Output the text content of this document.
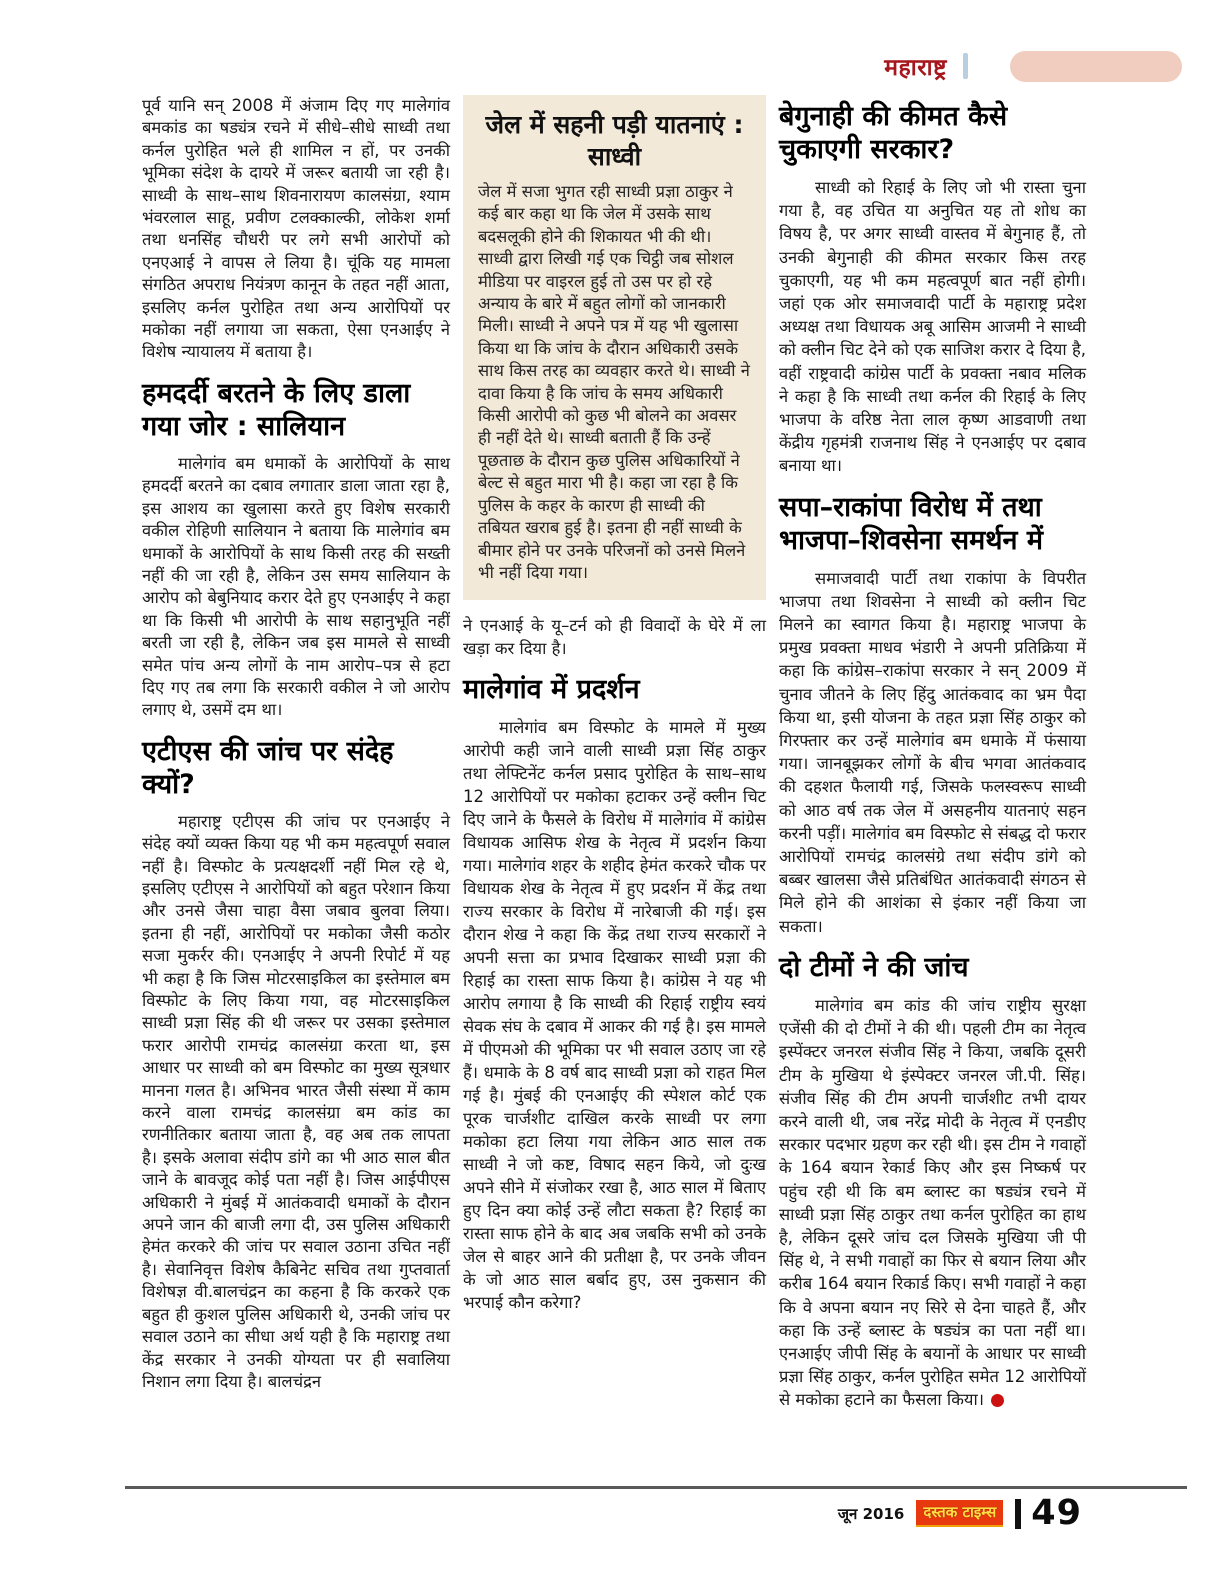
महाराष्ट्र

पूर्व यानि सन् 2008 में अंजाम दिए गए मालेगांव बमकांड का षड्यंत्र रचने में सीधे–सीधे साध्वी तथा कर्नल पुरोहित भले ही शामिल न हों, पर उनकी भूमिका संदेश के दायरे में जरूर बतायी जा रही है। साध्वी के साथ–साथ शिवनारायण कालसंग्रा, श्याम भंवरलाल साहू, प्रवीण टलक्काल्की, लोकेश शर्मा तथा धनसिंह चौधरी पर लगे सभी आरोपों को एनएआई ने वापस ले लिया है। चूंकि यह मामला संगठित अपराध नियंत्रण कानून के तहत नहीं आता, इसलिए कर्नल पुरोहित तथा अन्य आरोपियों पर मकोका नहीं लगाया जा सकता, ऐसा एनआईए ने विशेष न्यायालय में बताया है।

हमदर्दी बरतने के लिए डाला गया जोर : सालियान

मालेगांव बम धमाकों के आरोपियों के साथ हमदर्दी बरतने का दबाव लगातार डाला जाता रहा है, इस आशय का खुलासा करते हुए विशेष सरकारी वकील रोहिणी सालियान ने बताया कि मालेगांव बम धमाकों के आरोपियों के साथ किसी तरह की सख्ती नहीं की जा रही है, लेकिन उस समय सालियान के आरोप को बेबुनियाद करार देते हुए एनआईए ने कहा था कि किसी भी आरोपी के साथ सहानुभूति नहीं बरती जा रही है, लेकिन जब इस मामले से साध्वी समेत पांच अन्य लोगों के नाम आरोप–पत्र से हटा दिए गए तब लगा कि सरकारी वकील ने जो आरोप लगाए थे, उसमें दम था।

एटीएस की जांच पर संदेह क्यों?

महाराष्ट्र एटीएस की जांच पर एनआईए ने संदेह क्यों व्यक्त किया यह भी कम महत्वपूर्ण सवाल नहीं है। विस्फोट के प्रत्यक्षदर्शी नहीं मिल रहे थे, इसलिए एटीएस ने आरोपियों को बहुत परेशान किया और उनसे जैसा चाहा वैसा जबाव बुलवा लिया। इतना ही नहीं, आरोपियों पर मकोका जैसी कठोर सजा मुकर्रर की। एनआईए ने अपनी रिपोर्ट में यह भी कहा है कि जिस मोटरसाइकिल का इस्तेमाल बम विस्फोट के लिए किया गया, वह मोटरसाइकिल साध्वी प्रज्ञा सिंह की थी जरूर पर उसका इस्तेमाल फरार आरोपी रामचंद्र कालसंग्रा करता था, इस आधार पर साध्वी को बम विस्फोट का मुख्य सूत्रधार मानना गलत है। अभिनव भारत जैसी संस्था में काम करने वाला रामचंद्र कालसंग्रा बम कांड का रणनीतिकार बताया जाता है, वह अब तक लापता है। इसके अलावा संदीप डांगे का भी आठ साल बीत जाने के बावजूद कोई पता नहीं है। जिस आईपीएस अधिकारी ने मुंबई में आतंकवादी धमाकों के दौरान अपने जान की बाजी लगा दी, उस पुलिस अधिकारी हेमंत करकरे की जांच पर सवाल उठाना उचित नहीं है। सेवानिवृत्त विशेष कैबिनेट सचिव तथा गुप्तवार्ता विशेषज्ञ वी.बालचंद्रन का कहना है कि करकरे एक बहुत ही कुशल पुलिस अधिकारी थे, उनकी जांच पर सवाल उठाने का सीधा अर्थ यही है कि महाराष्ट्र तथा केंद्र सरकार ने उनकी योग्यता पर ही सवालिया निशान लगा दिया है। बालचंद्रन

जेल में सहनी पड़ी यातनाएं : साध्वी

जेल में सजा भुगत रही साध्वी प्रज्ञा ठाकुर ने कई बार कहा था कि जेल में उसके साथ बदसलूकी होने की शिकायत भी की थी। साध्वी द्वारा लिखी गई एक चिट्ठी जब सोशल मीडिया पर वाइरल हुई तो उस पर हो रहे अन्याय के बारे में बहुत लोगों को जानकारी मिली। साध्वी ने अपने पत्र में यह भी खुलासा किया था कि जांच के दौरान अधिकारी उसके साथ किस तरह का व्यवहार करते थे। साध्वी ने दावा किया है कि जांच के समय अधिकारी किसी आरोपी को कुछ भी बोलने का अवसर ही नहीं देते थे। साध्वी बताती हैं कि उन्हें पूछताछ के दौरान कुछ पुलिस अधिकारियों ने बेल्ट से बहुत मारा भी है। कहा जा रहा है कि पुलिस के कहर के कारण ही साध्वी की तबियत खराब हुई है। इतना ही नहीं साध्वी के बीमार होने पर उनके परिजनों को उनसे मिलने भी नहीं दिया गया।

ने एनआई के यू–टर्न को ही विवादों के घेरे में ला खड़ा कर दिया है।

मालेगांव में प्रदर्शन

मालेगांव बम विस्फोट के मामले में मुख्य आरोपी कही जाने वाली साध्वी प्रज्ञा सिंह ठाकुर तथा लेफ्टिनेंट कर्नल प्रसाद पुरोहित के साथ–साथ 12 आरोपियों पर मकोका हटाकर उन्हें क्लीन चिट दिए जाने के फैसले के विरोध में मालेगांव में कांग्रेस विधायक आसिफ शेख के नेतृत्व में प्रदर्शन किया गया। मालेगांव शहर के शहीद हेमंत करकरे चौक पर विधायक शेख के नेतृत्व में हुए प्रदर्शन में केंद्र तथा राज्य सरकार के विरोध में नारेबाजी की गई। इस दौरान शेख ने कहा कि केंद्र तथा राज्य सरकारों ने अपनी सत्ता का प्रभाव दिखाकर साध्वी प्रज्ञा की रिहाई का रास्ता साफ किया है। कांग्रेस ने यह भी आरोप लगाया है कि साध्वी की रिहाई राष्ट्रीय स्वयं सेवक संघ के दबाव में आकर की गई है। इस मामले में पीएमओ की भूमिका पर भी सवाल उठाए जा रहे हैं। धमाके के 8 वर्ष बाद साध्वी प्रज्ञा को राहत मिल गई है। मुंबई की एनआईए की स्पेशल कोर्ट एक पूरक चार्जशीट दाखिल करके साध्वी पर लगा मकोका हटा लिया गया लेकिन आठ साल तक साध्वी ने जो कष्ट, विषाद सहन किये, जो दुःख अपने सीने में संजोकर रखा है, आठ साल में बिताए हुए दिन क्या कोई उन्हें लौटा सकता है? रिहाई का रास्ता साफ होने के बाद अब जबकि सभी को उनके जेल से बाहर आने की प्रतीक्षा है, पर उनके जीवन के जो आठ साल बर्बाद हुए, उस नुकसान की भरपाई कौन करेगा?

बेगुनाही की कीमत कैसे चुकाएगी सरकार?

साध्वी को रिहाई के लिए जो भी रास्ता चुना गया है, वह उचित या अनुचित यह तो शोध का विषय है, पर अगर साध्वी वास्तव में बेगुनाह हैं, तो उनकी बेगुनाही की कीमत सरकार किस तरह चुकाएगी, यह भी कम महत्वपूर्ण बात नहीं होगी। जहां एक ओर समाजवादी पार्टी के महाराष्ट्र प्रदेश अध्यक्ष तथा विधायक अबू आसिम आजमी ने साध्वी को क्लीन चिट देने को एक साजिश करार दे दिया है, वहीं राष्ट्रवादी कांग्रेस पार्टी के प्रवक्ता नबाव मलिक ने कहा है कि साध्वी तथा कर्नल की रिहाई के लिए भाजपा के वरिष्ठ नेता लाल कृष्ण आडवाणी तथा केंद्रीय गृहमंत्री राजनाथ सिंह ने एनआईए पर दबाव बनाया था।

सपा–राकांपा विरोध में तथा भाजपा–शिवसेना समर्थन में

समाजवादी पार्टी तथा राकांपा के विपरीत भाजपा तथा शिवसेना ने साध्वी को क्लीन चिट मिलने का स्वागत किया है। महाराष्ट्र भाजपा के प्रमुख प्रवक्ता माधव भंडारी ने अपनी प्रतिक्रिया में कहा कि कांग्रेस–राकांपा सरकार ने सन् 2009 में चुनाव जीतने के लिए हिंदु आतंकवाद का भ्रम पैदा किया था, इसी योजना के तहत प्रज्ञा सिंह ठाकुर को गिरफ्तार कर उन्हें मालेगांव बम धमाके में फंसाया गया। जानबूझकर लोगों के बीच भगवा आतंकवाद की दहशत फैलायी गई, जिसके फलस्वरूप साध्वी को आठ वर्ष तक जेल में असहनीय यातनाएं सहन करनी पड़ीं। मालेगांव बम विस्फोट से संबद्ध दो फरार आरोपियों रामचंद्र कालसंग्रे तथा संदीप डांगे को बब्बर खालसा जैसे प्रतिबंधित आतंकवादी संगठन से मिले होने की आशंका से इंकार नहीं किया जा सकता।

दो टीमों ने की जांच

मालेगांव बम कांड की जांच राष्ट्रीय सुरक्षा एजेंसी की दो टीमों ने की थी। पहली टीम का नेतृत्व इस्पेंक्टर जनरल संजीव सिंह ने किया, जबकि दूसरी टीम के मुखिया थे इंस्पेक्टर जनरल जी.पी. सिंह। संजीव सिंह की टीम अपनी चार्जशीट तभी दायर करने वाली थी, जब नरेंद्र मोदी के नेतृत्व में एनडीए सरकार पदभार ग्रहण कर रही थी। इस टीम ने गवाहों के 164 बयान रेकार्ड किए और इस निष्कर्ष पर पहुंच रही थी कि बम ब्लास्ट का षड्यंत्र रचने में साध्वी प्रज्ञा सिंह ठाकुर तथा कर्नल पुरोहित का हाथ है, लेकिन दूसरे जांच दल जिसके मुखिया जी पी सिंह थे, ने सभी गवाहों का फिर से बयान लिया और करीब 164 बयान रिकार्ड किए। सभी गवाहों ने कहा कि वे अपना बयान नए सिरे से देना चाहते हैं, और कहा कि उन्हें ब्लास्ट के षड्यंत्र का पता नहीं था। एनआईए जीपी सिंह के बयानों के आधार पर साध्वी प्रज्ञा सिंह ठाकुर, कर्नल पुरोहित समेत 12 आरोपियों से मकोका हटाने का फैसला किया।

जून 2016	दस्तक टाइम्स 49
